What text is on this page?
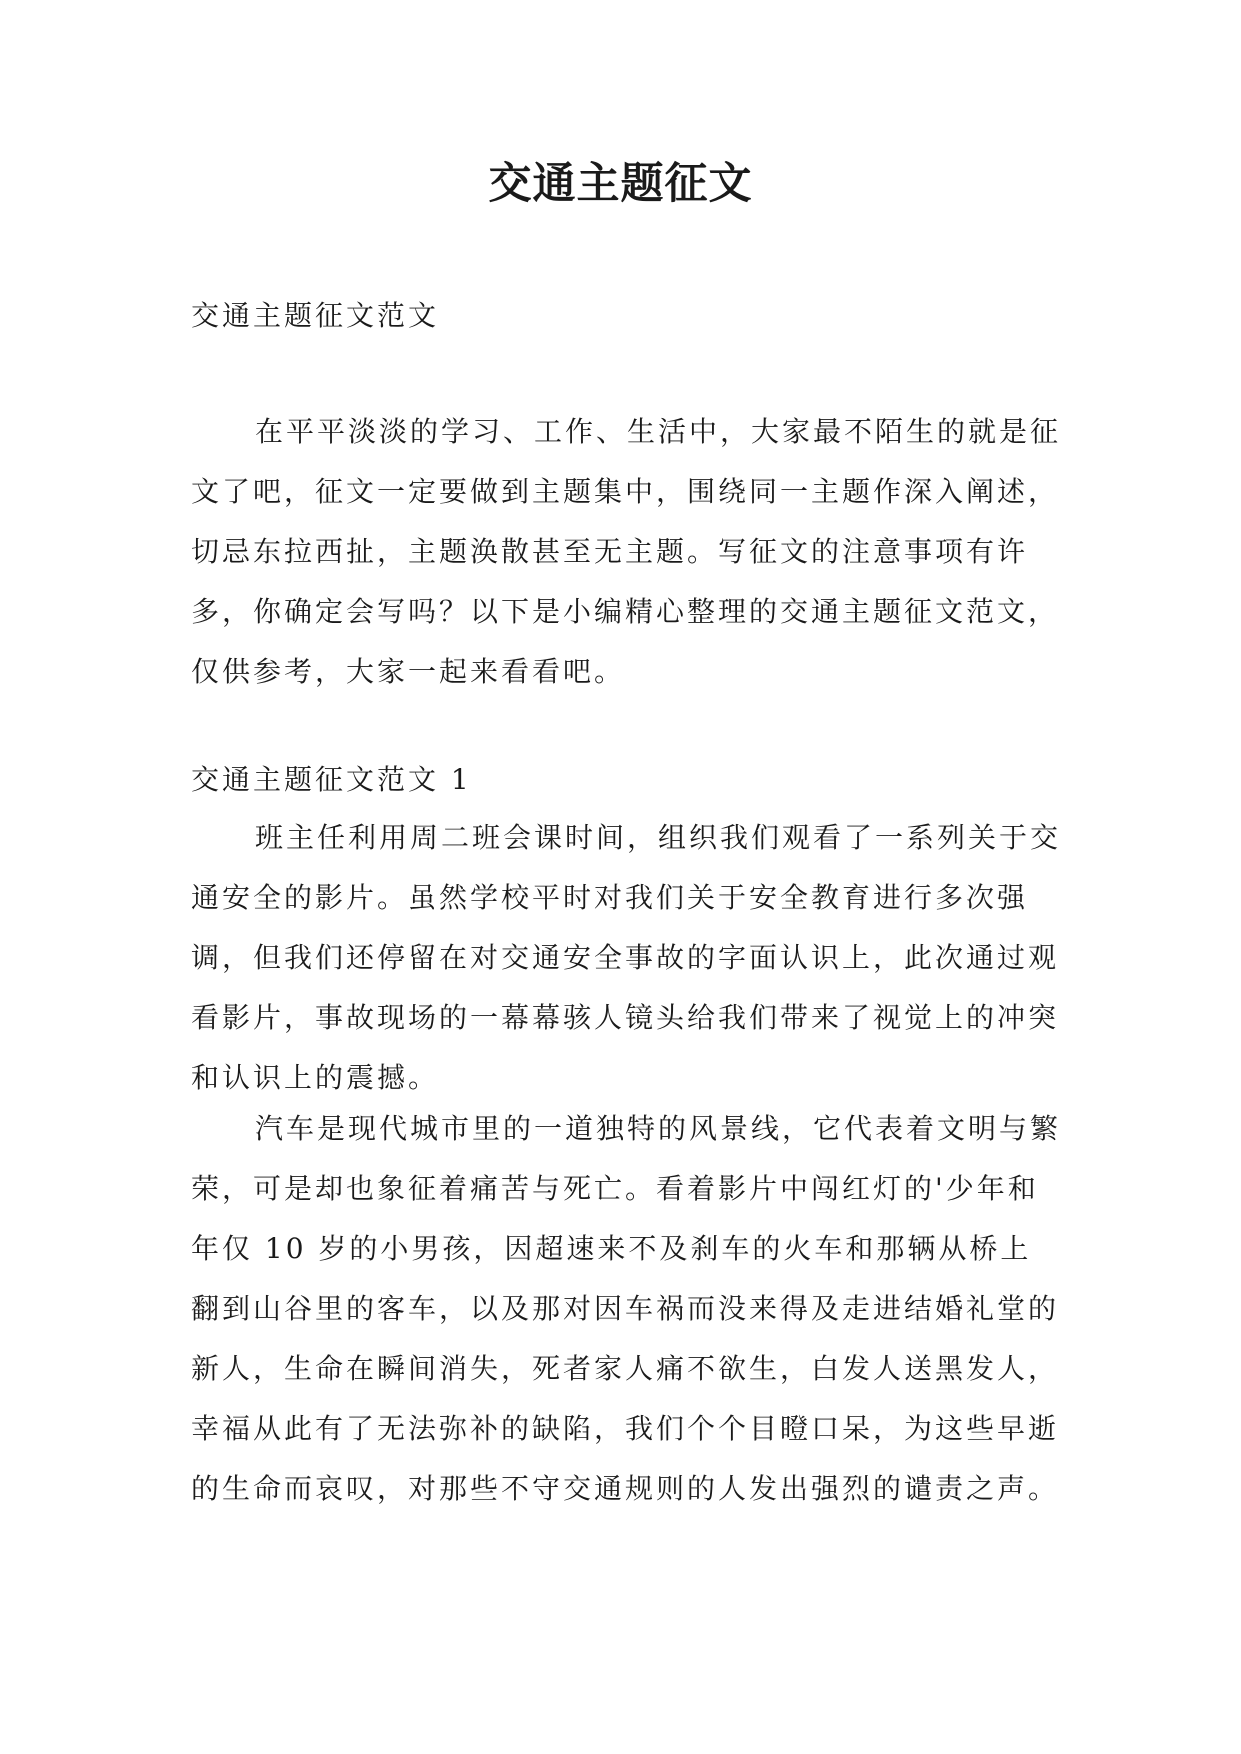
交通主题征文

交通主题征文范文

在平平淡淡的学习、工作、生活中，大家最不陌生的就是征文了吧，征文一定要做到主题集中，围绕同一主题作深入阐述，切忌东拉西扯，主题涣散甚至无主题。写征文的注意事项有许多，你确定会写吗？以下是小编精心整理的交通主题征文范文，仅供参考，大家一起来看看吧。

交通主题征文范文 1

班主任利用周二班会课时间，组织我们观看了一系列关于交通安全的影片。虽然学校平时对我们关于安全教育进行多次强调，但我们还停留在对交通安全事故的字面认识上，此次通过观看影片，事故现场的一幕幕骇人镜头给我们带来了视觉上的冲突和认识上的震撼。

汽车是现代城市里的一道独特的风景线，它代表着文明与繁荣，可是却也象征着痛苦与死亡。看着影片中闯红灯的'少年和年仅 10 岁的小男孩，因超速来不及刹车的火车和那辆从桥上翻到山谷里的客车，以及那对因车祸而没来得及走进结婚礼堂的新人，生命在瞬间消失，死者家人痛不欲生，白发人送黑发人，幸福从此有了无法弥补的缺陷，我们个个目瞪口呆，为这些早逝的生命而哀叹，对那些不守交通规则的人发出强烈的谴责之声。
